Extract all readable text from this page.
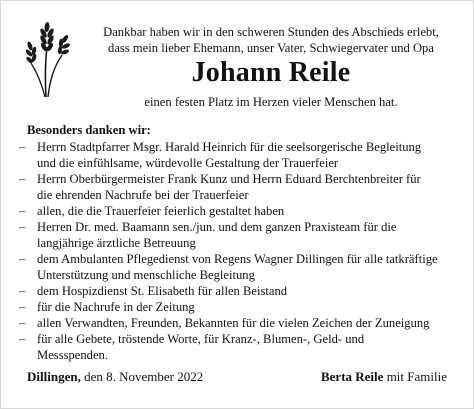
Dankbar haben wir in den schweren Stunden des Abschieds erlebt,
dass mein lieber Ehemann, unser Vater, Schwiegervater und Opa
Johann Reile
einen festen Platz im Herzen vieler Menschen hat.
Besonders danken wir:
– Herrn Stadtpfarrer Msgr. Harald Heinrich für die seelsorgerische Begleitung
und die einfühlsame, würdevolle Gestaltung der Trauerfeier
– Herrn Oberbürgermeister Frank Kunz und Herrn Eduard Berchtenbreiter für
die ehrenden Nachrufe bei der Trauerfeier
– allen, die die Trauerfeier feierlich gestaltet haben
– Herren Dr. med. Baamann sen./jun. und dem ganzen Praxisteam für die
langjährige ärztliche Betreuung
– dem Ambulanten Pflegedienst von Regens Wagner Dillingen für alle tatkräftige
Unterstützung und menschliche Begleitung
– dem Hospizdienst St. Elisabeth für allen Beistand
– für die Nachrufe in der Zeitung
– allen Verwandten, Freunden, Bekannten für die vielen Zeichen der Zuneigung
– für alle Gebete, tröstende Worte, für Kranz-, Blumen-, Geld- und
Messspenden.
Dillingen, den 8. November 2022	Berta Reile mit Familie
